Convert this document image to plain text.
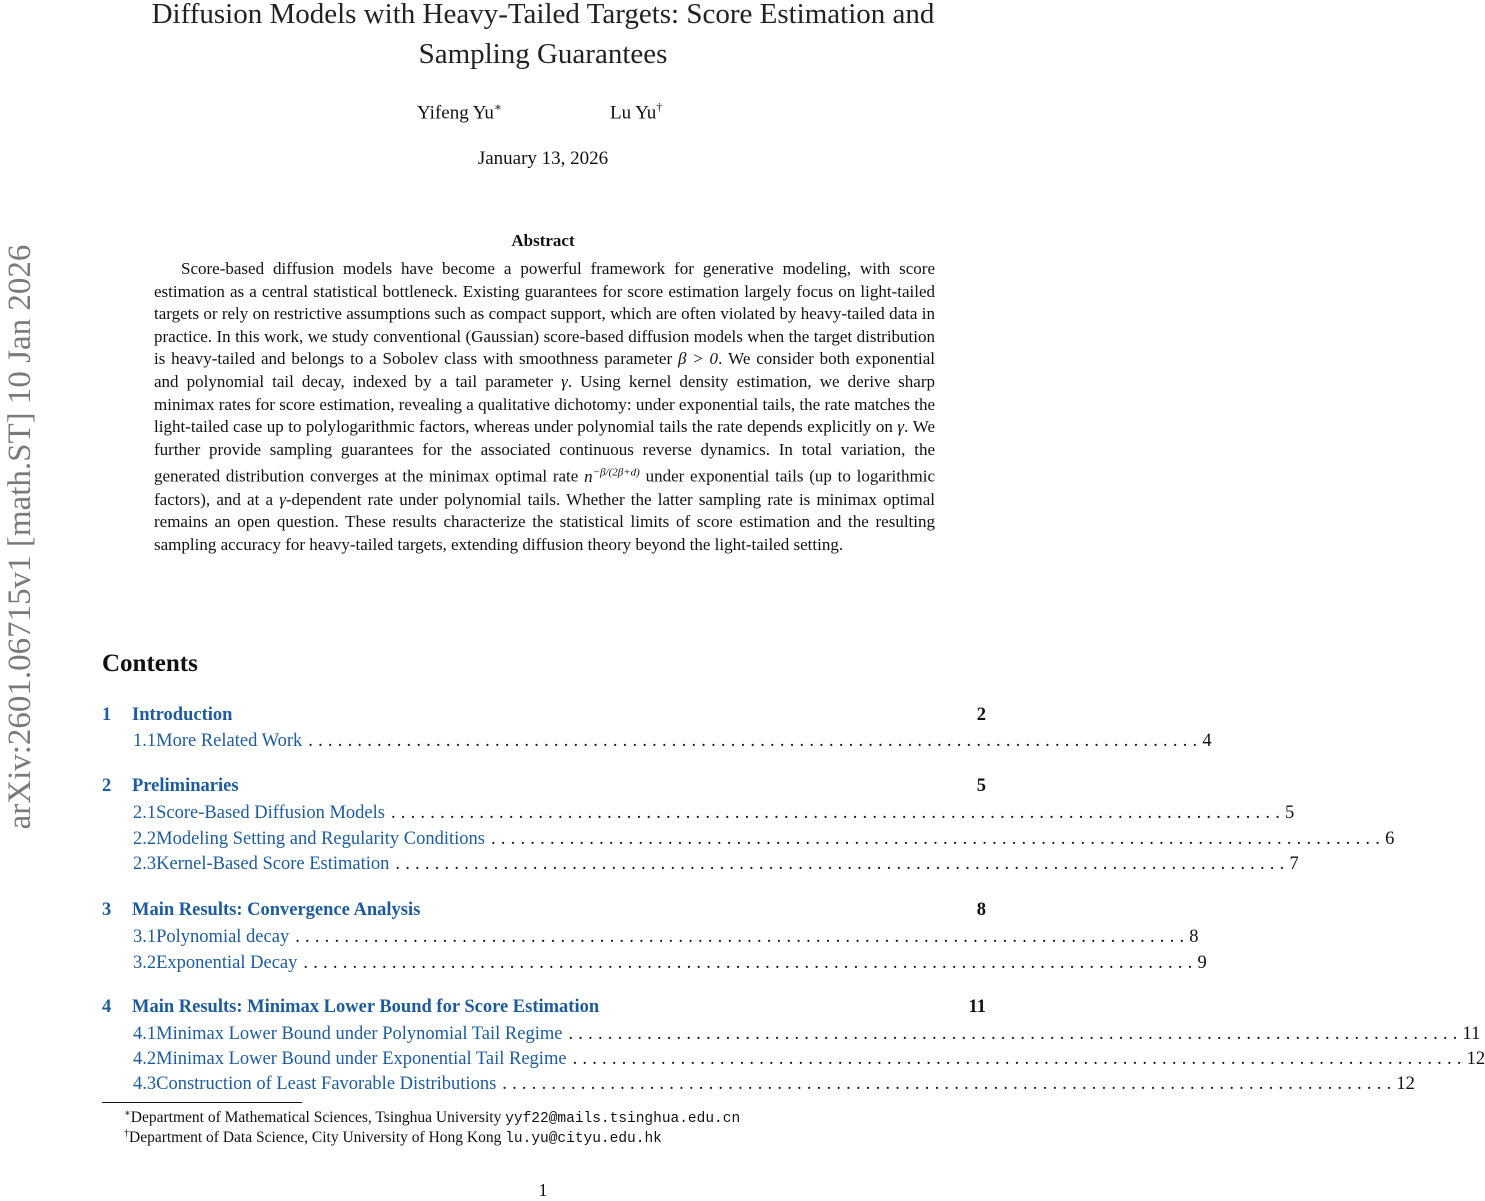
arXiv:2601.06715v1 [math.ST] 10 Jan 2026
Diffusion Models with Heavy-Tailed Targets: Score Estimation and
Sampling Guarantees
Yifeng Yu∗	Lu Yu†
January 13, 2026
Abstract

Score-based diffusion models have become a powerful framework for generative modeling, with score estimation as a central statistical bottleneck. Existing guarantees for score estimation largely focus on light-tailed targets or rely on restrictive assumptions such as compact support, which are often violated by heavy-tailed data in practice. In this work, we study conventional (Gaussian) score-based diffusion models when the target distribution is heavy-tailed and belongs to a Sobolev class with smoothness parameter β > 0. We consider both exponential and polynomial tail decay, indexed by a tail parameter γ. Using kernel density estimation, we derive sharp minimax rates for score estimation, revealing a qualitative dichotomy: under exponential tails, the rate matches the light-tailed case up to polylogarithmic factors, whereas under polynomial tails the rate depends explicitly on γ. We further provide sampling guarantees for the associated continuous reverse dynamics. In total variation, the generated distribution converges at the minimax optimal rate $n^{-\beta/(2\beta+d)}$ under exponential tails (up to logarithmic factors), and at a γ-dependent rate under polynomial tails. Whether the latter sampling rate is minimax optimal remains an open question. These results characterize the statistical limits of score estimation and the resulting sampling accuracy for heavy-tailed targets, extending diffusion theory beyond the light-tailed setting.

Contents
1	Introduction	2
1.1 More Related Work ........................................................................................... 4
2	Preliminaries	5
2.1 Score-Based Diffusion Models ........................................................................................... 5
2.2 Modeling Setting and Regularity Conditions ........................................................................................... 6
2.3 Kernel-Based Score Estimation ........................................................................................... 7
3	Main Results: Convergence Analysis	8
3.1 Polynomial decay ........................................................................................... 8
3.2 Exponential Decay ........................................................................................... 9
4	Main Results: Minimax Lower Bound for Score Estimation	11
4.1 Minimax Lower Bound under Polynomial Tail Regime ........................................................................................... 11
4.2 Minimax Lower Bound under Exponential Tail Regime ........................................................................................... 12
4.3 Construction of Least Favorable Distributions ........................................................................................... 12
∗Department of Mathematical Sciences, Tsinghua University yyf22@mails.tsinghua.edu.cn
†Department of Data Science, City University of Hong Kong lu.yu@cityu.edu.hk
1
